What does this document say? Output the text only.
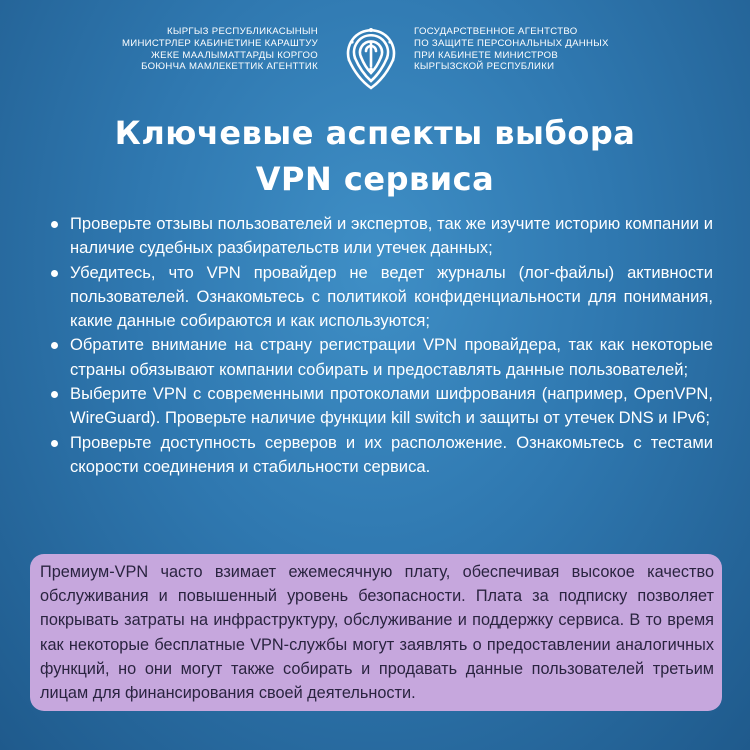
КЫРГЫЗ РЕСПУБЛИКАСЫНЫН
МИНИСТРЛЕР КАБИНЕТИНЕ КАРАШТУУ
ЖЕКЕ МААЛЫМАТТАРДЫ КОРГОО
БОЮНЧА МАМЛЕКЕТТИК АГЕНТТИК
ГОСУДАРСТВЕННОЕ АГЕНТСТВО
ПО ЗАЩИТЕ ПЕРСОНАЛЬНЫХ ДАННЫХ
ПРИ КАБИНЕТЕ МИНИСТРОВ
КЫРГЫЗСКОЙ РЕСПУБЛИКИ
Ключевые аспекты выбора
VPN сервиса
Проверьте отзывы пользователей и экспертов, так же изучите историю компании и наличие судебных разбирательств или утечек данных;
Убедитесь, что VPN провайдер не ведет журналы (лог-файлы) активности пользователей. Ознакомьтесь с политикой конфиденциальности для понимания, какие данные собираются и как используются;
Обратите внимание на страну регистрации VPN провайдера, так как некоторые страны обязывают компании собирать и предоставлять данные пользователей;
Выберите VPN с современными протоколами шифрования (например, OpenVPN, WireGuard). Проверьте наличие функции kill switch и защиты от утечек DNS и IPv6;
Проверьте доступность серверов и их расположение. Ознакомьтесь с тестами скорости соединения и стабильности сервиса.
Премиум-VPN часто взимает ежемесячную плату, обеспечивая высокое качество обслуживания и повышенный уровень безопасности. Плата за подписку позволяет покрывать затраты на инфраструктуру, обслуживание и поддержку сервиса. В то время как некоторые бесплатные VPN-службы могут заявлять о предоставлении аналогичных функций, но они могут также собирать и продавать данные пользователей третьим лицам для финансирования своей деятельности.
